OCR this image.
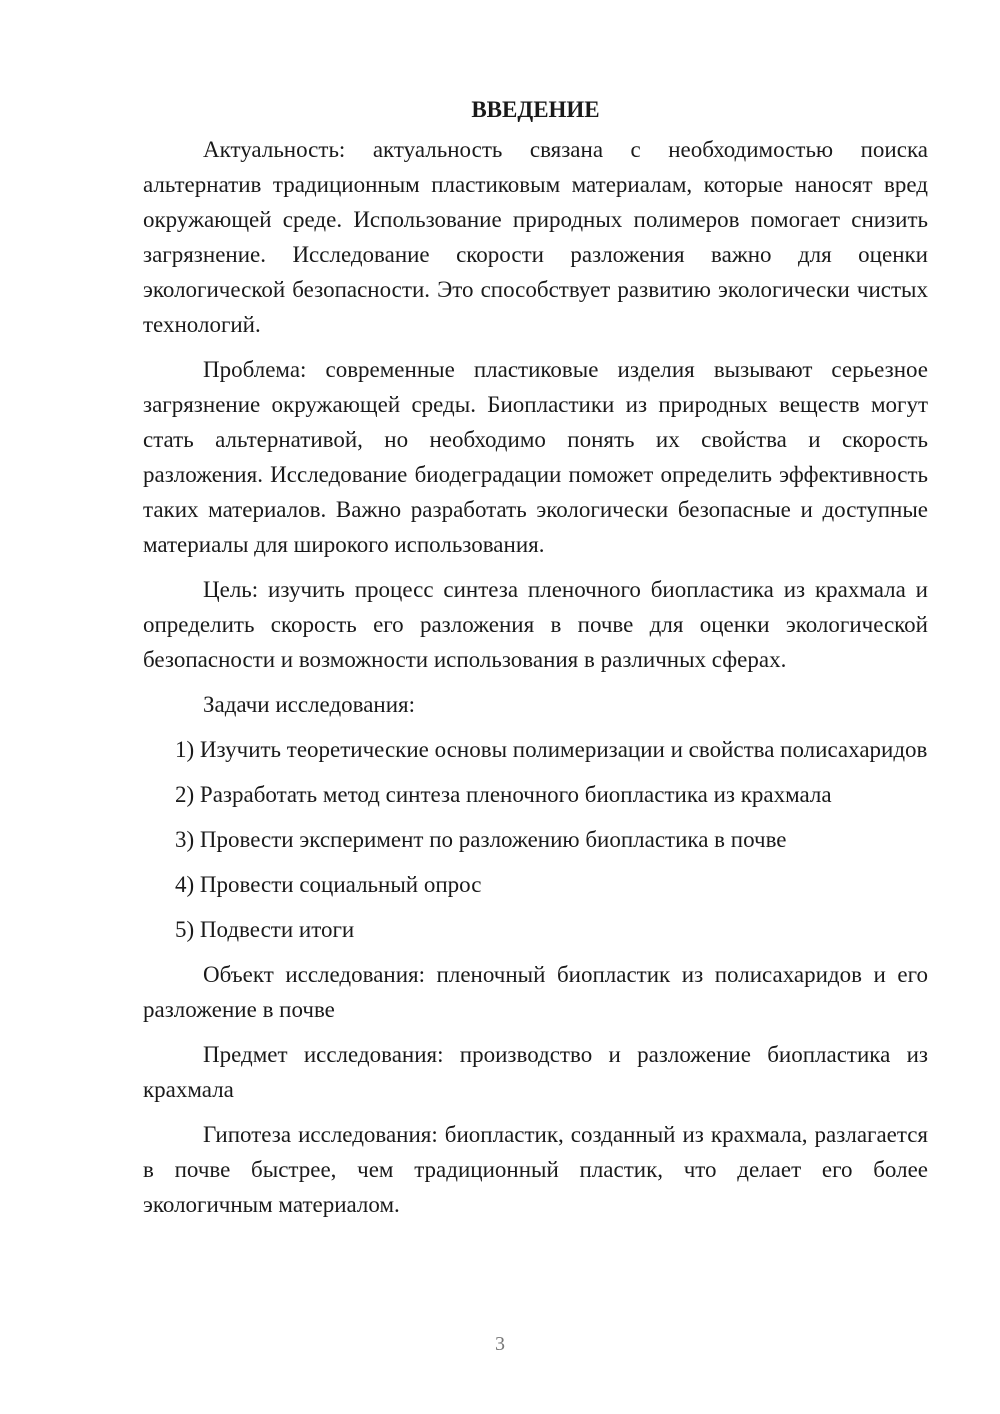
ВВЕДЕНИЕ

Актуальность: актуальность связана с необходимостью поиска альтернатив традиционным пластиковым материалам, которые наносят вред окружающей среде. Использование природных полимеров помогает снизить загрязнение. Исследование скорости разложения важно для оценки экологической безопасности. Это способствует развитию экологически чистых технологий.

Проблема: современные пластиковые изделия вызывают серьезное загрязнение окружающей среды. Биопластики из природных веществ могут стать альтернативой, но необходимо понять их свойства и скорость разложения. Исследование биодеградации поможет определить эффективность таких материалов. Важно разработать экологически безопасные и доступные материалы для широкого использования.

Цель: изучить процесс синтеза пленочного биопластика из крахмала и определить скорость его разложения в почве для оценки экологической безопасности и возможности использования в различных сферах.

Задачи исследования:

1) Изучить теоретические основы полимеризации и свойства полисахаридов

2) Разработать метод синтеза пленочного биопластика из крахмала

3) Провести эксперимент по разложению биопластика в почве

4) Провести социальный опрос

5) Подвести итоги

Объект исследования: пленочный биопластик из полисахаридов и его разложение в почве

Предмет исследования: производство и разложение биопластика из крахмала

Гипотеза исследования: биопластик, созданный из крахмала, разлагается в почве быстрее, чем традиционный пластик, что делает его более экологичным материалом.

3
